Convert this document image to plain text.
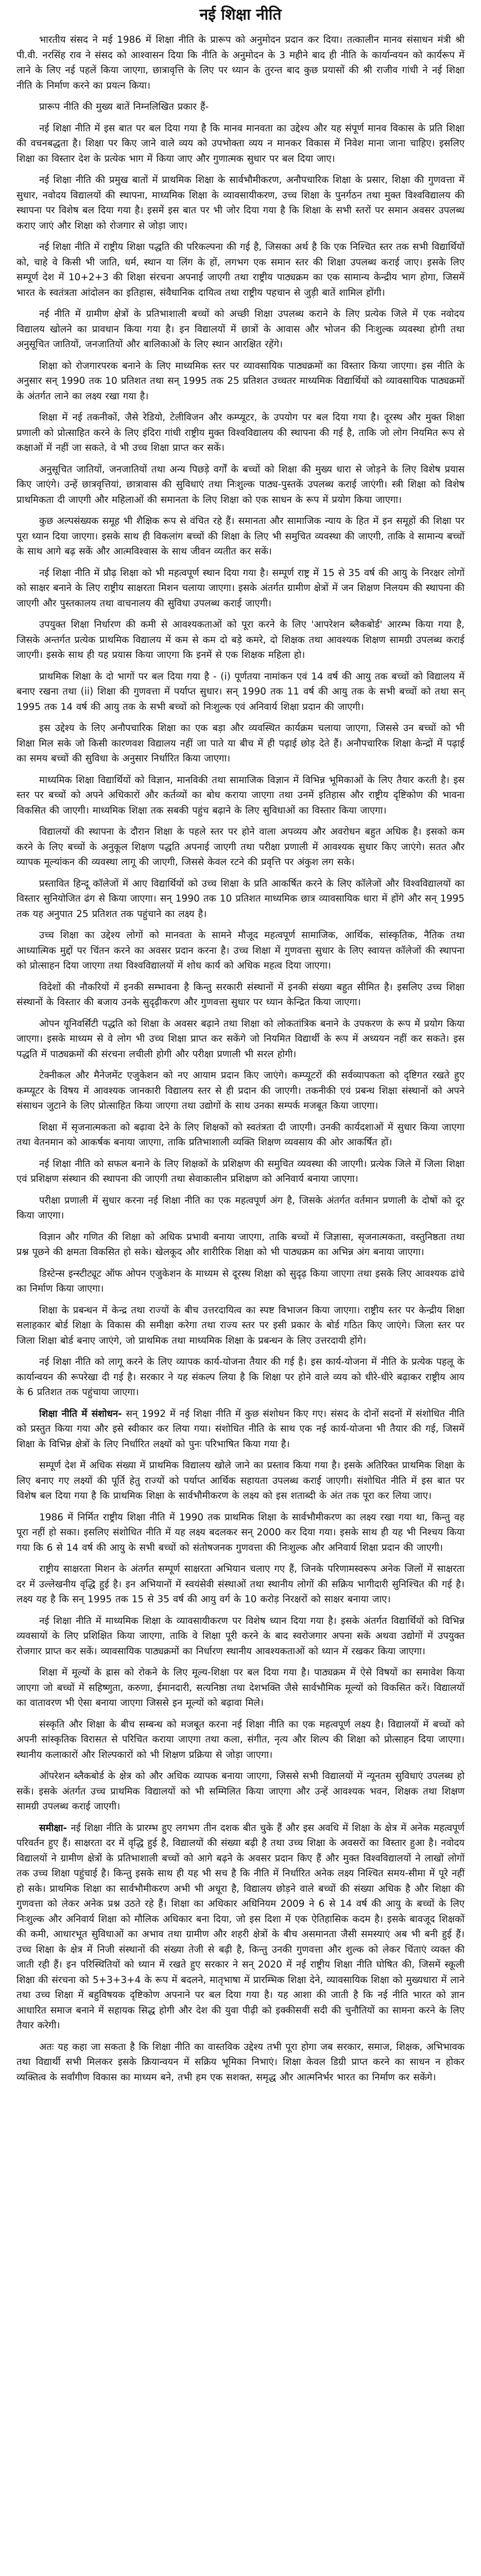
नई शिक्षा नीति

भारतीय संसद ने मई 1986 में शिक्षा नीति के प्रारूप को अनुमोदन प्रदान कर दिया। तत्कालीन मानव संसाधन मंत्री श्री पी.वी. नरसिंह राव ने संसद को आश्वासन दिया कि नीति के अनुमोदन के 3 महीने बाद ही नीति के कार्यान्वयन को कार्यरूप में लाने के लिए नई पहलें किया जाएगा, छात्रावृत्ति के लिए पर ध्यान के तुरन्त बाद कुछ प्रयासों की श्री राजीव गांधी ने नई शिक्षा नीति के निर्माण करने का प्रयत्न किया।

प्रारूप नीति की मुख्य बातें निम्नलिखित प्रकार हैं-

नई शिक्षा नीति में इस बात पर बल दिया गया है कि मानव मानवता का उद्देश्य और यह संपूर्ण मानव विकास के प्रति शिक्षा की वचनबद्धता है। शिक्षा पर किए जाने वाले व्यय को उपभोक्ता व्यय न मानकर विकास में निवेश माना जाना चाहिए। इसलिए शिक्षा का विस्तार देश के प्रत्येक भाग में किया जाए और गुणात्मक सुधार पर बल दिया जाए।

नई शिक्षा नीति की प्रमुख बातों में प्राथमिक शिक्षा के सार्वभौमीकरण, अनौपचारिक शिक्षा के प्रसार, शिक्षा की गुणवत्ता में सुधार, नवोदय विद्यालयों की स्थापना, माध्यमिक शिक्षा के व्यावसायीकरण, उच्च शिक्षा के पुनर्गठन तथा मुक्त विश्वविद्यालय की स्थापना पर विशेष बल दिया गया है। इसमें इस बात पर भी जोर दिया गया है कि शिक्षा के सभी स्तरों पर समान अवसर उपलब्ध कराए जाएं और शिक्षा को रोजगार से जोड़ा जाए।

नई शिक्षा नीति में राष्ट्रीय शिक्षा पद्धति की परिकल्पना की गई है, जिसका अर्थ है कि एक निश्चित स्तर तक सभी विद्यार्थियों को, चाहे वे किसी भी जाति, धर्म, स्थान या लिंग के हों, लगभग एक समान स्तर की शिक्षा उपलब्ध कराई जाए। इसके लिए सम्पूर्ण देश में 10+2+3 की शिक्षा संरचना अपनाई जाएगी तथा राष्ट्रीय पाठ्यक्रम का एक सामान्य केन्द्रीय भाग होगा, जिसमें भारत के स्वतंत्रता आंदोलन का इतिहास, संवैधानिक दायित्व तथा राष्ट्रीय पहचान से जुड़ी बातें शामिल होंगी।

नई नीति में ग्रामीण क्षेत्रों के प्रतिभाशाली बच्चों को अच्छी शिक्षा उपलब्ध कराने के लिए प्रत्येक जिले में एक नवोदय विद्यालय खोलने का प्रावधान किया गया है। इन विद्यालयों में छात्रों के आवास और भोजन की निःशुल्क व्यवस्था होगी तथा अनुसूचित जातियों, जनजातियों और बालिकाओं के लिए स्थान आरक्षित रहेंगे।

शिक्षा को रोजगारपरक बनाने के लिए माध्यमिक स्तर पर व्यावसायिक पाठ्यक्रमों का विस्तार किया जाएगा। इस नीति के अनुसार सन् 1990 तक 10 प्रतिशत तथा सन् 1995 तक 25 प्रतिशत उच्चतर माध्यमिक विद्यार्थियों को व्यावसायिक पाठ्यक्रमों के अंतर्गत लाने का लक्ष्य रखा गया है।

शिक्षा में नई तकनीकों, जैसे रेडियो, टेलीविजन और कम्प्यूटर, के उपयोग पर बल दिया गया है। दूरस्थ और मुक्त शिक्षा प्रणाली को प्रोत्साहित करने के लिए इंदिरा गांधी राष्ट्रीय मुक्त विश्वविद्यालय की स्थापना की गई है, ताकि जो लोग नियमित रूप से कक्षाओं में नहीं जा सकते, वे भी उच्च शिक्षा प्राप्त कर सकें।

अनुसूचित जातियों, जनजातियों तथा अन्य पिछड़े वर्गों के बच्चों को शिक्षा की मुख्य धारा से जोड़ने के लिए विशेष प्रयास किए जाएंगे। उन्हें छात्रवृत्तियां, छात्रावास की सुविधाएं तथा निःशुल्क पाठ्य-पुस्तकें उपलब्ध कराई जाएंगी। स्त्री शिक्षा को विशेष प्राथमिकता दी जाएगी और महिलाओं की समानता के लिए शिक्षा को एक साधन के रूप में प्रयोग किया जाएगा।

कुछ अल्पसंख्यक समूह भी शैक्षिक रूप से वंचित रहे हैं। समानता और सामाजिक न्याय के हित में इन समूहों की शिक्षा पर पूरा ध्यान दिया जाएगा। इसके साथ ही विकलांग बच्चों की शिक्षा के लिए भी समुचित व्यवस्था की जाएगी, ताकि वे सामान्य बच्चों के साथ आगे बढ़ सकें और आत्मविश्वास के साथ जीवन व्यतीत कर सकें।

नई शिक्षा नीति में प्रौढ़ शिक्षा को भी महत्वपूर्ण स्थान दिया गया है। सम्पूर्ण राष्ट्र में 15 से 35 वर्ष की आयु के निरक्षर लोगों को साक्षर बनाने के लिए राष्ट्रीय साक्षरता मिशन चलाया जाएगा। इसके अंतर्गत ग्रामीण क्षेत्रों में जन शिक्षण निलयम की स्थापना की जाएगी और पुस्तकालय तथा वाचनालय की सुविधा उपलब्ध कराई जाएगी।

उपयुक्त शिक्षा निर्धारण की कमी से आवश्यकताओं को पूरा करने के लिए 'आपरेशन ब्लैकबोर्ड' आरम्भ किया गया है, जिसके अन्तर्गत प्रत्येक प्राथमिक विद्यालय में कम से कम दो बड़े कमरे, दो शिक्षक तथा आवश्यक शिक्षण सामग्री उपलब्ध कराई जाएगी। इसके साथ ही यह प्रयास किया जाएगा कि इनमें से एक शिक्षक महिला हो।

प्राथमिक शिक्षा के दो भागों पर बल दिया गया है - (i) पूर्णतया नामांकन एवं 14 वर्ष की आयु तक बच्चों को विद्यालय में बनाए रखना तथा (ii) शिक्षा की गुणवत्ता में पर्याप्त सुधार। सन् 1990 तक 11 वर्ष की आयु तक के सभी बच्चों को तथा सन् 1995 तक 14 वर्ष की आयु तक के सभी बच्चों को निःशुल्क एवं अनिवार्य शिक्षा प्रदान की जाएगी।

इस उद्देश्य के लिए अनौपचारिक शिक्षा का एक बड़ा और व्यवस्थित कार्यक्रम चलाया जाएगा, जिससे उन बच्चों को भी शिक्षा मिल सके जो किसी कारणवश विद्यालय नहीं जा पाते या बीच में ही पढ़ाई छोड़ देते हैं। अनौपचारिक शिक्षा केन्द्रों में पढ़ाई का समय बच्चों की सुविधा के अनुसार निर्धारित किया जाएगा।

माध्यमिक शिक्षा विद्यार्थियों को विज्ञान, मानविकी तथा सामाजिक विज्ञान में विभिन्न भूमिकाओं के लिए तैयार करती है। इस स्तर पर बच्चों को अपने अधिकारों और कर्तव्यों का बोध कराया जाएगा तथा उनमें इतिहास और राष्ट्रीय दृष्टिकोण की भावना विकसित की जाएगी। माध्यमिक शिक्षा तक सबकी पहुंच बढ़ाने के लिए सुविधाओं का विस्तार किया जाएगा।

विद्यालयों की स्थापना के दौरान शिक्षा के पहले स्तर पर होने वाला अपव्यय और अवरोधन बहुत अधिक है। इसको कम करने के लिए बच्चों के अनुकूल शिक्षण पद्धति अपनाई जाएगी तथा परीक्षा प्रणाली में आवश्यक सुधार किए जाएंगे। सतत और व्यापक मूल्यांकन की व्यवस्था लागू की जाएगी, जिससे केवल रटने की प्रवृत्ति पर अंकुश लग सके।

प्रस्तावित हिन्दू कॉलेजों में आए विद्यार्थियों को उच्च शिक्षा के प्रति आकर्षित करने के लिए कॉलेजों और विश्वविद्यालयों का विस्तार सुनियोजित ढंग से किया जाएगा। सन् 1990 तक 10 प्रतिशत माध्यमिक छात्र व्यावसायिक धारा में होंगे और सन् 1995 तक यह अनुपात 25 प्रतिशत तक पहुंचाने का लक्ष्य है।

उच्च शिक्षा का उद्देश्य लोगों को मानवता के सामने मौजूद महत्वपूर्ण सामाजिक, आर्थिक, सांस्कृतिक, नैतिक तथा आध्यात्मिक मुद्दों पर चिंतन करने का अवसर प्रदान करना है। उच्च शिक्षा में गुणवत्ता सुधार के लिए स्वायत्त कॉलेजों की स्थापना को प्रोत्साहन दिया जाएगा तथा विश्वविद्यालयों में शोध कार्य को अधिक महत्व दिया जाएगा।

विदेशों की नौकरियों में इनकी सम्भावना है किन्तु सरकारी संस्थानों में इनकी संख्या बहुत सीमित है। इसलिए उच्च शिक्षा संस्थानों के विस्तार की बजाय उनके सुदृढ़ीकरण और गुणवत्ता सुधार पर ध्यान केन्द्रित किया जाएगा।

ओपन यूनिवर्सिटी पद्धति को शिक्षा के अवसर बढ़ाने तथा शिक्षा को लोकतांत्रिक बनाने के उपकरण के रूप में प्रयोग किया जाएगा। इसके माध्यम से वे लोग भी उच्च शिक्षा प्राप्त कर सकेंगे जो नियमित विद्यार्थी के रूप में अध्ययन नहीं कर सकते। इस पद्धति में पाठ्यक्रमों की संरचना लचीली होगी और परीक्षा प्रणाली भी सरल होगी।

टेक्नीकल और मैनेजमेंट एजुकेशन को नए आयाम प्रदान किए जाएंगे। कम्प्यूटरों की सर्वव्यापकता को दृष्टिगत रखते हुए कम्प्यूटर के विषय में आवश्यक जानकारी विद्यालय स्तर से ही प्रदान की जाएगी। तकनीकी एवं प्रबन्ध शिक्षा संस्थानों को अपने संसाधन जुटाने के लिए प्रोत्साहित किया जाएगा तथा उद्योगों के साथ उनका सम्पर्क मजबूत किया जाएगा।

शिक्षा में सृजनात्मकता को बढ़ावा देने के लिए शिक्षकों को स्वतंत्रता दी जाएगी। उनकी कार्यदशाओं में सुधार किया जाएगा तथा वेतनमान को आकर्षक बनाया जाएगा, ताकि प्रतिभाशाली व्यक्ति शिक्षण व्यवसाय की ओर आकर्षित हों।

नई शिक्षा नीति को सफल बनाने के लिए शिक्षकों के प्रशिक्षण की समुचित व्यवस्था की जाएगी। प्रत्येक जिले में जिला शिक्षा एवं प्रशिक्षण संस्थान की स्थापना की जाएगी तथा सेवाकालीन प्रशिक्षण को अनिवार्य बनाया जाएगा।

परीक्षा प्रणाली में सुधार करना नई शिक्षा नीति का एक महत्वपूर्ण अंग है, जिसके अंतर्गत वर्तमान प्रणाली के दोषों को दूर किया जाएगा।

विज्ञान और गणित की शिक्षा को अधिक प्रभावी बनाया जाएगा, ताकि बच्चों में जिज्ञासा, सृजनात्मकता, वस्तुनिष्ठता तथा प्रश्न पूछने की क्षमता विकसित हो सके। खेलकूद और शारीरिक शिक्षा को भी पाठ्यक्रम का अभिन्न अंग बनाया जाएगा।

डिस्टेन्स इन्स्टीट्यूट ऑफ ओपन एजुकेशन के माध्यम से दूरस्थ शिक्षा को सुदृढ़ किया जाएगा तथा इसके लिए आवश्यक ढांचे का निर्माण किया जाएगा।

शिक्षा के प्रबन्धन में केन्द्र तथा राज्यों के बीच उत्तरदायित्व का स्पष्ट विभाजन किया जाएगा। राष्ट्रीय स्तर पर केन्द्रीय शिक्षा सलाहकार बोर्ड शिक्षा के विकास की समीक्षा करेगा तथा राज्य स्तर पर इसी प्रकार के बोर्ड गठित किए जाएंगे। जिला स्तर पर जिला शिक्षा बोर्ड बनाए जाएंगे, जो प्राथमिक तथा माध्यमिक शिक्षा के प्रबन्धन के लिए उत्तरदायी होंगे।

नई शिक्षा नीति को लागू करने के लिए व्यापक कार्य-योजना तैयार की गई है। इस कार्य-योजना में नीति के प्रत्येक पहलू के कार्यान्वयन की रूपरेखा दी गई है। सरकार ने यह संकल्प लिया है कि शिक्षा पर होने वाले व्यय को धीरे-धीरे बढ़ाकर राष्ट्रीय आय के 6 प्रतिशत तक पहुंचाया जाएगा।

शिक्षा नीति में संशोधन- सन् 1992 में नई शिक्षा नीति में कुछ संशोधन किए गए। संसद के दोनों सदनों में संशोधित नीति को प्रस्तुत किया गया और इसे स्वीकार कर लिया गया। संशोधित नीति के साथ एक नई कार्य-योजना भी तैयार की गई, जिसमें शिक्षा के विभिन्न क्षेत्रों के लिए निर्धारित लक्ष्यों को पुनः परिभाषित किया गया है।

सम्पूर्ण देश में अधिक संख्या में प्राथमिक विद्यालय खोले जाने का प्रस्ताव किया गया है। इसके अतिरिक्त प्राथमिक शिक्षा के लिए बनाए गए लक्ष्यों की पूर्ति हेतु राज्यों को पर्याप्त आर्थिक सहायता उपलब्ध कराई जाएगी। संशोधित नीति में इस बात पर विशेष बल दिया गया है कि प्राथमिक शिक्षा के सार्वभौमीकरण के लक्ष्य को इस शताब्दी के अंत तक पूरा कर लिया जाए।

1986 में निर्मित राष्ट्रीय शिक्षा नीति में 1990 तक प्राथमिक शिक्षा के सार्वभौमीकरण का लक्ष्य रखा गया था, किन्तु वह पूरा नहीं हो सका। इसलिए संशोधित नीति में यह लक्ष्य बदलकर सन् 2000 कर दिया गया। इसके साथ ही यह भी निश्चय किया गया कि 6 से 14 वर्ष की आयु के सभी बच्चों को संतोषजनक गुणवत्ता की निःशुल्क और अनिवार्य शिक्षा प्रदान की जाएगी।

राष्ट्रीय साक्षरता मिशन के अंतर्गत सम्पूर्ण साक्षरता अभियान चलाए गए हैं, जिनके परिणामस्वरूप अनेक जिलों में साक्षरता दर में उल्लेखनीय वृद्धि हुई है। इन अभियानों में स्वयंसेवी संस्थाओं तथा स्थानीय लोगों की सक्रिय भागीदारी सुनिश्चित की गई है। लक्ष्य यह है कि सन् 1995 तक 15 से 35 वर्ष की आयु वर्ग के 10 करोड़ निरक्षरों को साक्षर बनाया जाए।

नई शिक्षा नीति में माध्यमिक शिक्षा के व्यावसायीकरण पर विशेष ध्यान दिया गया है। इसके अंतर्गत विद्यार्थियों को विभिन्न व्यवसायों के लिए प्रशिक्षित किया जाएगा, ताकि वे शिक्षा पूरी करने के बाद स्वरोजगार अपना सकें अथवा उद्योगों में उपयुक्त रोजगार प्राप्त कर सकें। व्यावसायिक पाठ्यक्रमों का निर्धारण स्थानीय आवश्यकताओं को ध्यान में रखकर किया जाएगा।

शिक्षा में मूल्यों के ह्रास को रोकने के लिए मूल्य-शिक्षा पर बल दिया गया है। पाठ्यक्रम में ऐसे विषयों का समावेश किया जाएगा जो बच्चों में सहिष्णुता, करुणा, ईमानदारी, सत्यनिष्ठा तथा देशभक्ति जैसे सार्वभौमिक मूल्यों को विकसित करें। विद्यालयों का वातावरण भी ऐसा बनाया जाएगा जिससे इन मूल्यों को बढ़ावा मिले।

संस्कृति और शिक्षा के बीच सम्बन्ध को मजबूत करना नई शिक्षा नीति का एक महत्वपूर्ण लक्ष्य है। विद्यालयों में बच्चों को अपनी सांस्कृतिक विरासत से परिचित कराया जाएगा तथा कला, संगीत, नृत्य और शिल्प की शिक्षा को प्रोत्साहन दिया जाएगा। स्थानीय कलाकारों और शिल्पकारों को भी शिक्षण प्रक्रिया से जोड़ा जाएगा।

ऑपरेशन ब्लैकबोर्ड के क्षेत्र को और अधिक व्यापक बनाया जाएगा, जिससे सभी विद्यालयों में न्यूनतम सुविधाएं उपलब्ध हो सकें। इसके अंतर्गत उच्च प्राथमिक विद्यालयों को भी सम्मिलित किया जाएगा और उन्हें आवश्यक भवन, शिक्षक तथा शिक्षण सामग्री उपलब्ध कराई जाएगी।

समीक्षा- नई शिक्षा नीति के प्रारम्भ हुए लगभग तीन दशक बीत चुके हैं और इस अवधि में शिक्षा के क्षेत्र में अनेक महत्वपूर्ण परिवर्तन हुए हैं। साक्षरता दर में वृद्धि हुई है, विद्यालयों की संख्या बढ़ी है तथा उच्च शिक्षा के अवसरों का विस्तार हुआ है। नवोदय विद्यालयों ने ग्रामीण क्षेत्रों के प्रतिभाशाली बच्चों को आगे बढ़ने के अवसर प्रदान किए हैं और मुक्त विश्वविद्यालयों ने लाखों लोगों तक उच्च शिक्षा पहुंचाई है। किन्तु इसके साथ ही यह भी सच है कि नीति में निर्धारित अनेक लक्ष्य निश्चित समय-सीमा में पूरे नहीं हो सके। प्राथमिक शिक्षा का सार्वभौमीकरण अभी भी अधूरा है, विद्यालय छोड़ने वाले बच्चों की संख्या अधिक है और शिक्षा की गुणवत्ता को लेकर अनेक प्रश्न उठते रहे हैं। शिक्षा का अधिकार अधिनियम 2009 ने 6 से 14 वर्ष की आयु के बच्चों के लिए निःशुल्क और अनिवार्य शिक्षा को मौलिक अधिकार बना दिया, जो इस दिशा में एक ऐतिहासिक कदम है। इसके बावजूद शिक्षकों की कमी, आधारभूत सुविधाओं का अभाव तथा ग्रामीण और शहरी क्षेत्रों के बीच असमानता जैसी समस्याएं अब भी बनी हुई हैं। उच्च शिक्षा के क्षेत्र में निजी संस्थानों की संख्या तेजी से बढ़ी है, किन्तु उनकी गुणवत्ता और शुल्क को लेकर चिंताएं व्यक्त की जाती रही हैं। इन परिस्थितियों को ध्यान में रखते हुए सरकार ने सन् 2020 में नई राष्ट्रीय शिक्षा नीति घोषित की, जिसमें स्कूली शिक्षा की संरचना को 5+3+3+4 के रूप में बदलने, मातृभाषा में प्रारम्भिक शिक्षा देने, व्यावसायिक शिक्षा को मुख्यधारा में लाने तथा उच्च शिक्षा में बहुविषयक दृष्टिकोण अपनाने पर बल दिया गया है। यह आशा की जाती है कि नई नीति भारत को ज्ञान आधारित समाज बनाने में सहायक सिद्ध होगी और देश की युवा पीढ़ी को इक्कीसवीं सदी की चुनौतियों का सामना करने के लिए तैयार करेगी।

अतः यह कहा जा सकता है कि शिक्षा नीति का वास्तविक उद्देश्य तभी पूरा होगा जब सरकार, समाज, शिक्षक, अभिभावक तथा विद्यार्थी सभी मिलकर इसके क्रियान्वयन में सक्रिय भूमिका निभाएं। शिक्षा केवल डिग्री प्राप्त करने का साधन न होकर व्यक्तित्व के सर्वांगीण विकास का माध्यम बने, तभी हम एक सशक्त, समृद्ध और आत्मनिर्भर भारत का निर्माण कर सकेंगे।
